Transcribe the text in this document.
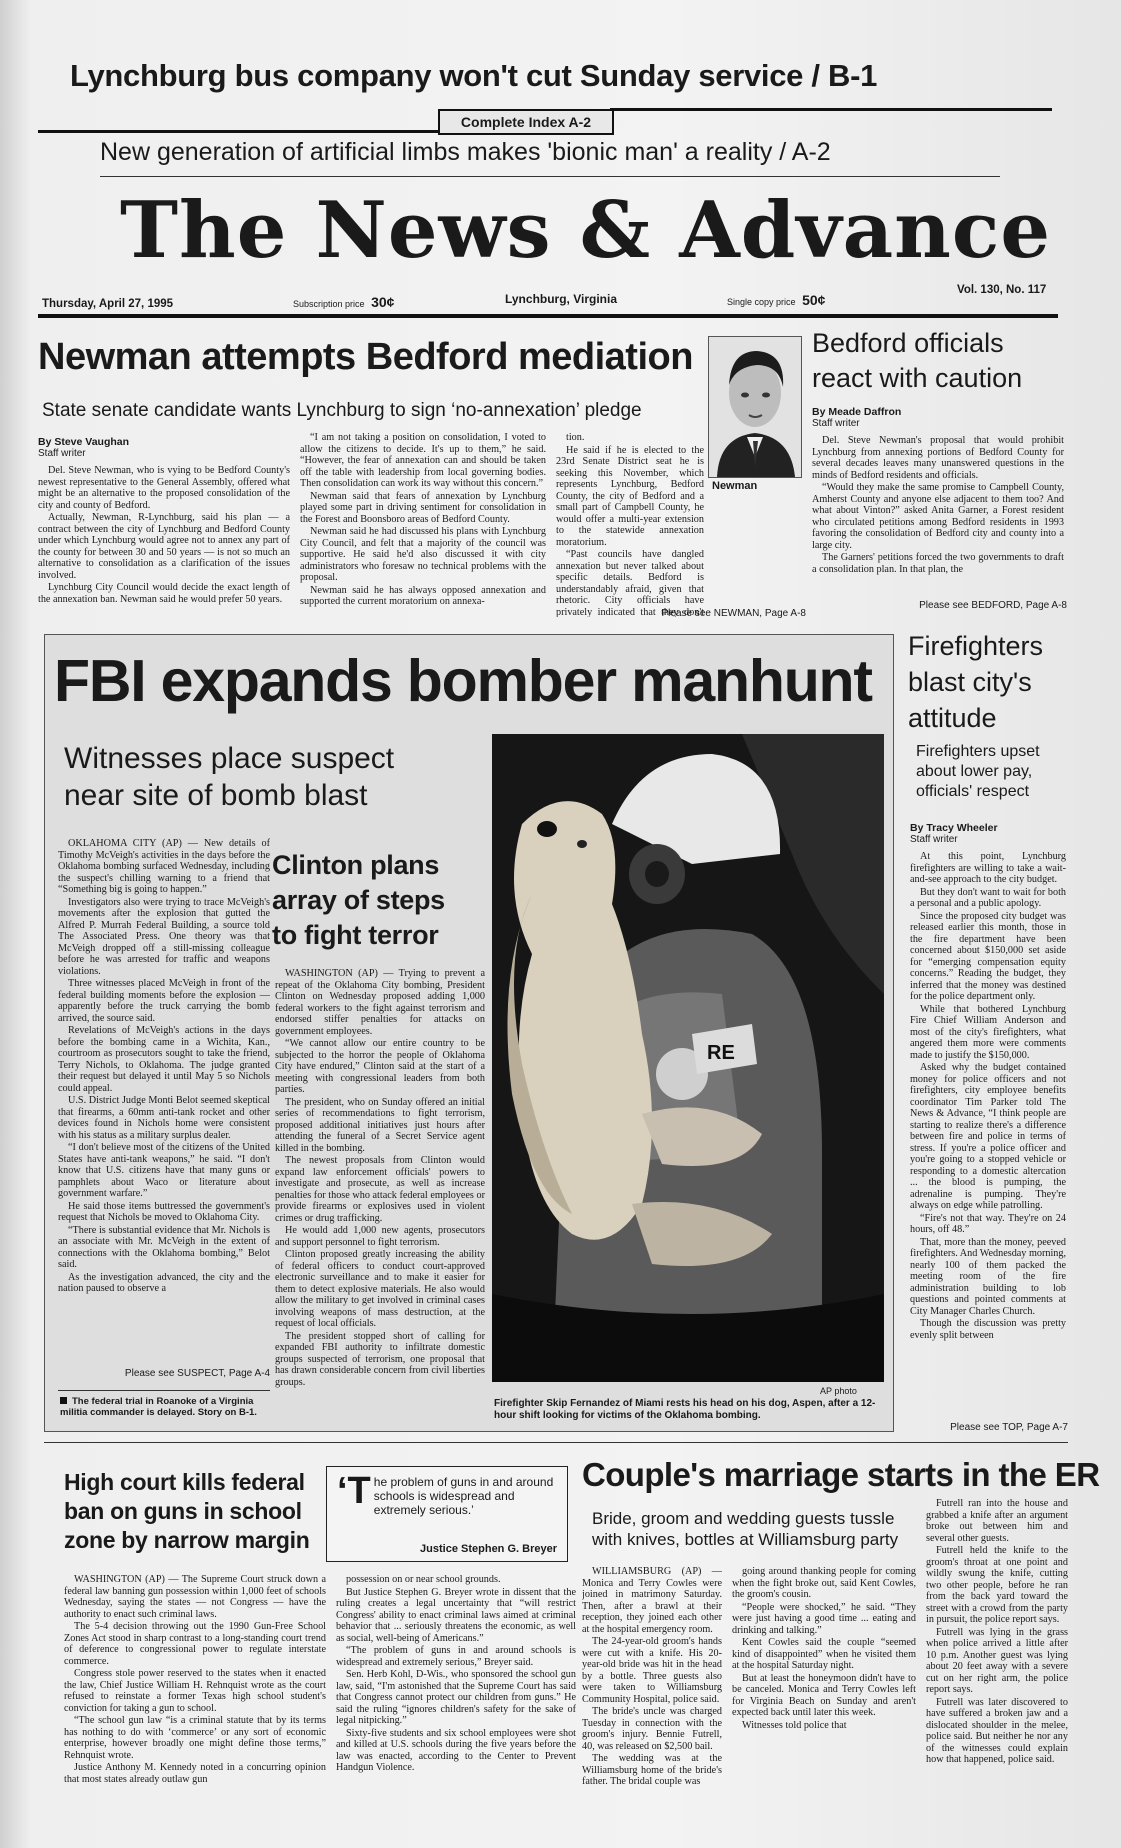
Lynchburg bus company won't cut Sunday service / B-1
Complete Index A-2
New generation of artificial limbs makes 'bionic man' a reality / A-2
The News & Advance
Thursday, April 27, 1995	Subscription price 30¢	Lynchburg, Virginia	Single copy price 50¢
Vol. 130, No. 117
Newman attempts Bedford mediation
State senate candidate wants Lynchburg to sign ‘no-annexation’ pledge
By Steve Vaughan
Staff writer

Del. Steve Newman, who is vying to be Bedford County's newest representative to the General Assembly, offered what might be an alternative to the proposed consolidation of the city and county of Bedford.

Actually, Newman, R-Lynchburg, said his plan — a contract between the city of Lynchburg and Bedford County under which Lynchburg would agree not to annex any part of the county for between 30 and 50 years — is not so much an alternative to consolidation as a clarification of the issues involved.

Lynchburg City Council would decide the exact length of the annexation ban. Newman said he would prefer 50 years.

“I am not taking a position on consolidation, I voted to allow the citizens to decide. It's up to them,” he said. “However, the fear of annexation can and should be taken off the table with leadership from local governing bodies. Then consolidation can work its way without this concern.”

Newman said that fears of annexation by Lynchburg played some part in driving sentiment for consolidation in the Forest and Boonsboro areas of Bedford County.

Newman said he had discussed his plans with Lynchburg City Council, and felt that a majority of the council was supportive. He said he'd also discussed it with city administrators who foresaw no technical problems with the proposal.

Newman said he has always opposed annexation and supported the current moratorium on annexa-

tion.

He said if he is elected to the 23rd Senate District seat he is seeking this November, which represents Lynchburg, Bedford County, the city of Bedford and a small part of Campbell County, he would offer a multi-year extension to the statewide annexation moratorium.

“Past councils have dangled annexation but never talked about specific details. Bedford is understandably afraid, given that rhetoric. City officials have privately indicated that they don't

Newman
Please see NEWMAN, Page A-8
Bedford officials react with caution
By Meade Daffron
Staff writer

Del. Steve Newman's proposal that would prohibit Lynchburg from annexing portions of Bedford County for several decades leaves many unanswered questions in the minds of Bedford residents and officials.

“Would they make the same promise to Campbell County, Amherst County and anyone else adjacent to them too? And what about Vinton?” asked Anita Garner, a Forest resident who circulated petitions among Bedford residents in 1993 favoring the consolidation of Bedford city and county into a large city.

The Garners' petitions forced the two governments to draft a consolidation plan. In that plan, the

Please see BEDFORD, Page A-8
FBI expands bomber manhunt
Witnesses place suspect
near site of bomb blast

OKLAHOMA CITY (AP) — New details of Timothy McVeigh's activities in the days before the Oklahoma bombing surfaced Wednesday, including the suspect's chilling warning to a friend that “Something big is going to happen.”

Investigators also were trying to trace McVeigh's movements after the explosion that gutted the Alfred P. Murrah Federal Building, a source told The Associated Press. One theory was that McVeigh dropped off a still-missing colleague before he was arrested for traffic and weapons violations.

Three witnesses placed McVeigh in front of the federal building moments before the explosion — apparently before the truck carrying the bomb arrived, the source said.

Revelations of McVeigh's actions in the days before the bombing came in a Wichita, Kan., courtroom as prosecutors sought to take the friend, Terry Nichols, to Oklahoma. The judge granted their request but delayed it until May 5 so Nichols could appeal.

U.S. District Judge Monti Belot seemed skeptical that firearms, a 60mm anti-tank rocket and other devices found in Nichols home were consistent with his status as a military surplus dealer.

“I don't believe most of the citizens of the United States have anti-tank weapons,” he said. “I don't know that U.S. citizens have that many guns or pamphlets about Waco or literature about government warfare.”

He said those items buttressed the government's request that Nichols be moved to Oklahoma City.

“There is substantial evidence that Mr. Nichols is an associate with Mr. McVeigh in the extent of connections with the Oklahoma bombing,” Belot said.

As the investigation advanced, the city and the nation paused to observe a

Please see SUSPECT, Page A-4
The federal trial in Roanoke of a Virginia militia commander is delayed. Story on B-1.
Clinton plans
array of steps
to fight terror

WASHINGTON (AP) — Trying to prevent a repeat of the Oklahoma City bombing, President Clinton on Wednesday proposed adding 1,000 federal workers to the fight against terrorism and endorsed stiffer penalties for attacks on government employees.

“We cannot allow our entire country to be subjected to the horror the people of Oklahoma City have endured,” Clinton said at the start of a meeting with congressional leaders from both parties.

The president, who on Sunday offered an initial series of recommendations to fight terrorism, proposed additional initiatives just hours after attending the funeral of a Secret Service agent killed in the bombing.

The newest proposals from Clinton would expand law enforcement officials' powers to investigate and prosecute, as well as increase penalties for those who attack federal employees or provide firearms or explosives used in violent crimes or drug trafficking.

He would add 1,000 new agents, prosecutors and support personnel to fight terrorism.

Clinton proposed greatly increasing the ability of federal officers to conduct court-approved electronic surveillance and to make it easier for them to detect explosive materials. He also would allow the military to get involved in criminal cases involving weapons of mass destruction, at the request of local officials.

The president stopped short of calling for expanded FBI authority to infiltrate domestic groups suspected of terrorism, one proposal that has drawn considerable concern from civil liberties groups.

RE
AP photo
Firefighter Skip Fernandez of Miami rests his head on his dog, Aspen, after a 12-hour shift looking for victims of the Oklahoma bombing.
Firefighters blast city's attitude
Firefighters upset about lower pay, officials' respect
By Tracy Wheeler
Staff writer

At this point, Lynchburg firefighters are willing to take a wait-and-see approach to the city budget.

But they don't want to wait for both a personal and a public apology.

Since the proposed city budget was released earlier this month, those in the fire department have been concerned about $150,000 set aside for “emerging compensation equity concerns.” Reading the budget, they inferred that the money was destined for the police department only.

While that bothered Lynchburg Fire Chief William Anderson and most of the city's firefighters, what angered them more were comments made to justify the $150,000.

Asked why the budget contained money for police officers and not firefighters, city employee benefits coordinator Tim Parker told The News & Advance, “I think people are starting to realize there's a difference between fire and police in terms of stress. If you're a police officer and you're going to a stopped vehicle or responding to a domestic altercation ... the blood is pumping, the adrenaline is pumping. They're always on edge while patrolling.

“Fire's not that way. They're on 24 hours, off 48.”

That, more than the money, peeved firefighters. And Wednesday morning, nearly 100 of them packed the meeting room of the fire administration building to lob questions and pointed comments at City Manager Charles Church.

Though the discussion was pretty evenly split between

Please see TOP, Page A-7
High court kills federal ban on guns in school zone by narrow margin
‘The problem of guns in and around schools is widespread and extremely serious.’
Justice Stephen G. Breyer

WASHINGTON (AP) — The Supreme Court struck down a federal law banning gun possession within 1,000 feet of schools Wednesday, saying the states — not Congress — have the authority to enact such criminal laws.

The 5-4 decision throwing out the 1990 Gun-Free School Zones Act stood in sharp contrast to a long-standing court trend of deference to congressional power to regulate interstate commerce.

Congress stole power reserved to the states when it enacted the law, Chief Justice William H. Rehnquist wrote as the court refused to reinstate a former Texas high school student's conviction for taking a gun to school.

“The school gun law “is a criminal statute that by its terms has nothing to do with ‘commerce’ or any sort of economic enterprise, however broadly one might define those terms,” Rehnquist wrote.

Justice Anthony M. Kennedy noted in a concurring opinion that most states already outlaw gun

possession on or near school grounds.

But Justice Stephen G. Breyer wrote in dissent that the ruling creates a legal uncertainty that “will restrict Congress' ability to enact criminal laws aimed at criminal behavior that ... seriously threatens the economic, as well as social, well-being of Americans.”

“The problem of guns in and around schools is widespread and extremely serious,” Breyer said.

Sen. Herb Kohl, D-Wis., who sponsored the school gun law, said, “I'm astonished that the Supreme Court has said that Congress cannot protect our children from guns.” He said the ruling “ignores children's safety for the sake of legal nitpicking.”

Sixty-five students and six school employees were shot and killed at U.S. schools during the five years before the law was enacted, according to the Center to Prevent Handgun Violence.

Couple's marriage starts in the ER
Bride, groom and wedding guests tussle
with knives, bottles at Williamsburg party

WILLIAMSBURG (AP) — Monica and Terry Cowles were joined in matrimony Saturday. Then, after a brawl at their reception, they joined each other at the hospital emergency room.

The 24-year-old groom's hands were cut with a knife. His 20-year-old bride was hit in the head by a bottle. Three guests also were taken to Williamsburg Community Hospital, police said.

The bride's uncle was charged Tuesday in connection with the groom's injury. Bennie Futrell, 40, was released on $2,500 bail.

The wedding was at the Williamsburg home of the bride's father. The bridal couple was

going around thanking people for coming when the fight broke out, said Kent Cowles, the groom's cousin.

“People were shocked,” he said. “They were just having a good time ... eating and drinking and talking.”

Kent Cowles said the couple “seemed kind of disappointed” when he visited them at the hospital Saturday night.

But at least the honeymoon didn't have to be canceled. Monica and Terry Cowles left for Virginia Beach on Sunday and aren't expected back until later this week.

Witnesses told police that

Futrell ran into the house and grabbed a knife after an argument broke out between him and several other guests.

Futrell held the knife to the groom's throat at one point and wildly swung the knife, cutting two other people, before he ran from the back yard toward the street with a crowd from the party in pursuit, the police report says.

Futrell was lying in the grass when police arrived a little after 10 p.m. Another guest was lying about 20 feet away with a severe cut on her right arm, the police report says.

Futrell was later discovered to have suffered a broken jaw and a dislocated shoulder in the melee, police said. But neither he nor any of the witnesses could explain how that happened, police said.
